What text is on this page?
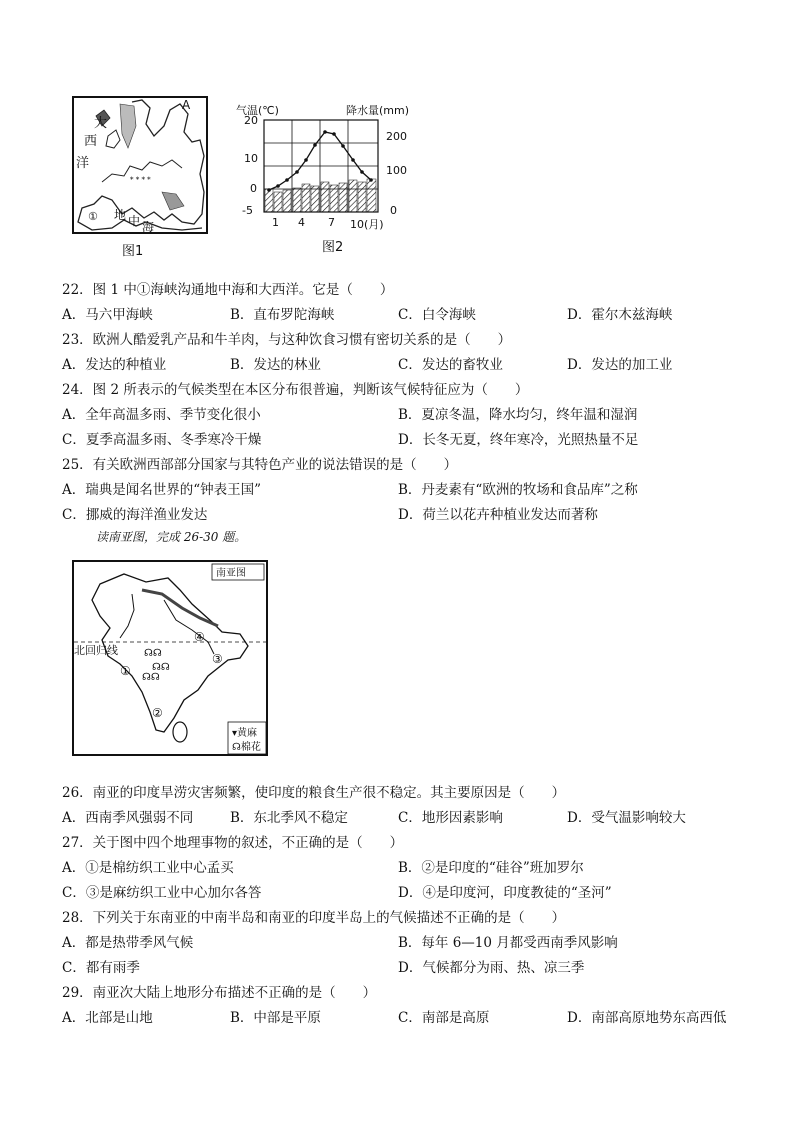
* * * *
A
大
西
洋
① 地 中 海
图1
气温(℃)	降水量(mm)
20
10
0
-5
200
100
0
1 4 7 10(月)
图2
22．图 1 中①海峡沟通地中海和大西洋。它是（　　）
A．马六甲海峡	B．直布罗陀海峡	C．白令海峡	D．霍尔木兹海峡
23．欧洲人酷爱乳产品和牛羊肉，与这种饮食习惯有密切关系的是（　　）
A．发达的种植业	B．发达的林业	C．发达的畜牧业	D．发达的加工业
24．图 2 所表示的气候类型在本区分布很普遍，判断该气候特征应为（　　）
A．全年高温多雨、季节变化很小	B．夏凉冬温，降水均匀，终年温和湿润
C．夏季高温多雨、冬季寒冷干燥	D．长冬无夏，终年寒冷，光照热量不足
25．有关欧洲西部部分国家与其特色产业的说法错误的是（　　）
A．瑞典是闻名世界的“钟表王国”	B．丹麦素有“欧洲的牧场和食品库”之称
C．挪威的海洋渔业发达	D．荷兰以花卉种植业发达而著称
读南亚图，完成 26-30 题。
☊☊
☊☊
☊☊
南亚图
北回归线
①
②
③
④
▾黄麻
☊棉花
26．南亚的印度旱涝灾害频繁，使印度的粮食生产很不稳定。其主要原因是（　　）
A．西南季风强弱不同	B．东北季风不稳定	C．地形因素影响	D．受气温影响较大
27．关于图中四个地理事物的叙述，不正确的是（　　）
A．①是棉纺织工业中心孟买	B．②是印度的“硅谷”班加罗尔
C．③是麻纺织工业中心加尔各答	D．④是印度河，印度教徒的“圣河”
28．下列关于东南亚的中南半岛和南亚的印度半岛上的气候描述不正确的是（　　）
A．都是热带季风气候	B．每年 6—10 月都受西南季风影响
C．都有雨季	D．气候都分为雨、热、凉三季
29．南亚次大陆上地形分布描述不正确的是（　　）
A．北部是山地	B．中部是平原	C．南部是高原	D．南部高原地势东高西低
